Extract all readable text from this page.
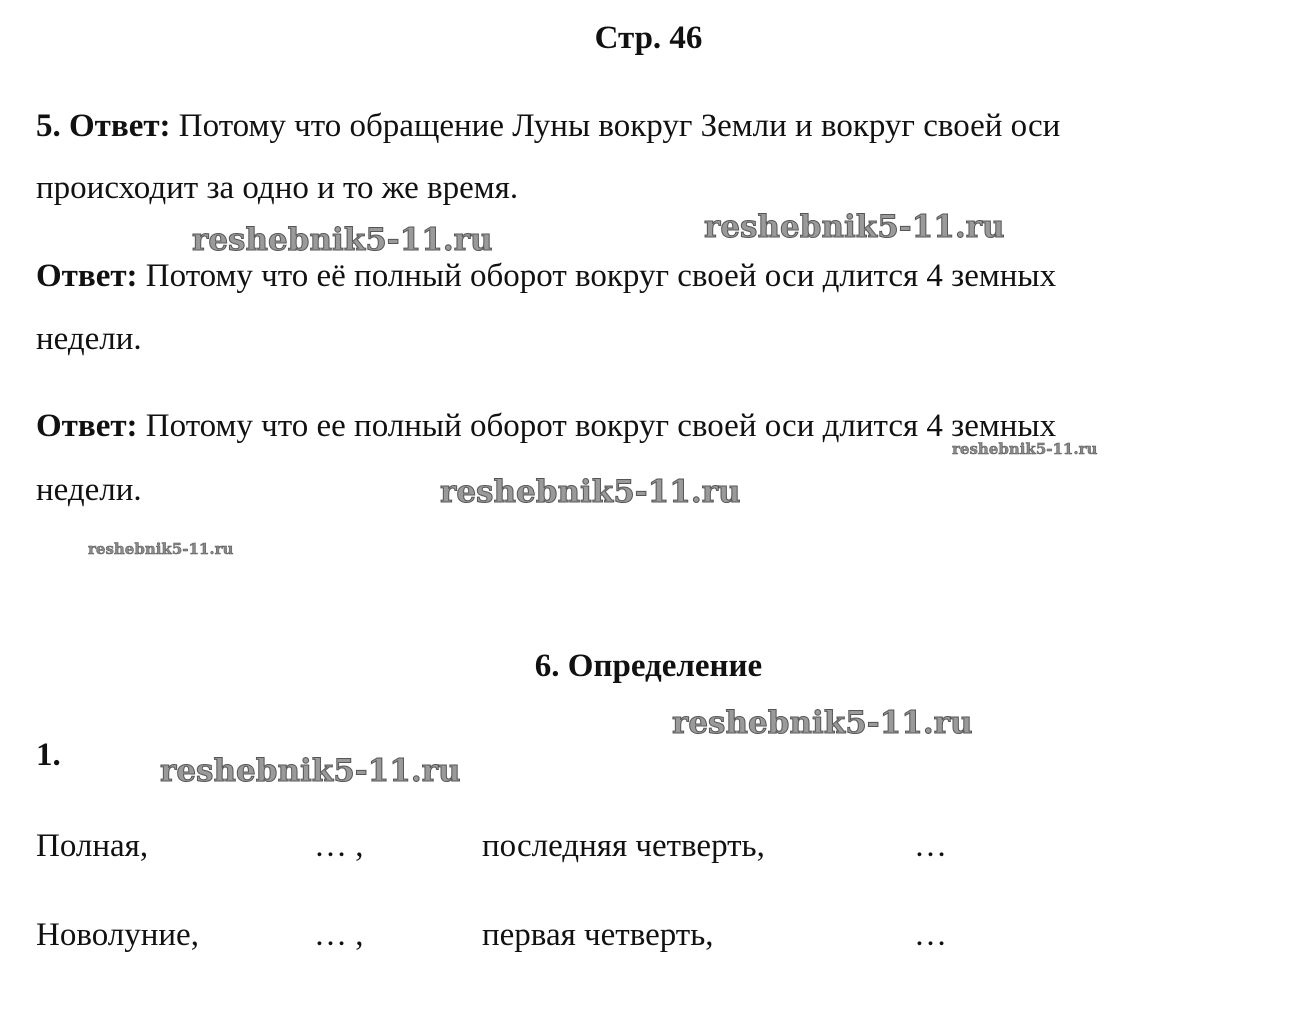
Стр. 46
5. Ответ: Потому что обращение Луны вокруг Земли и вокруг своей оси
происходит за одно и то же время.
Ответ: Потому что её полный оборот вокруг своей оси длится 4 земных
недели.
Ответ: Потому что ее полный оборот вокруг своей оси длится 4 земных
недели.
6. Определение
1.
Полная,	… ,	последняя четверть,	…
Новолуние,	… ,	первая четверть,	…
reshebnik5-11.ru	reshebnik5-11.ru
reshebnik5-11.ru
reshebnik5-11.ru
reshebnik5-11.ru
reshebnik5-11.ru
reshebnik5-11.ru
